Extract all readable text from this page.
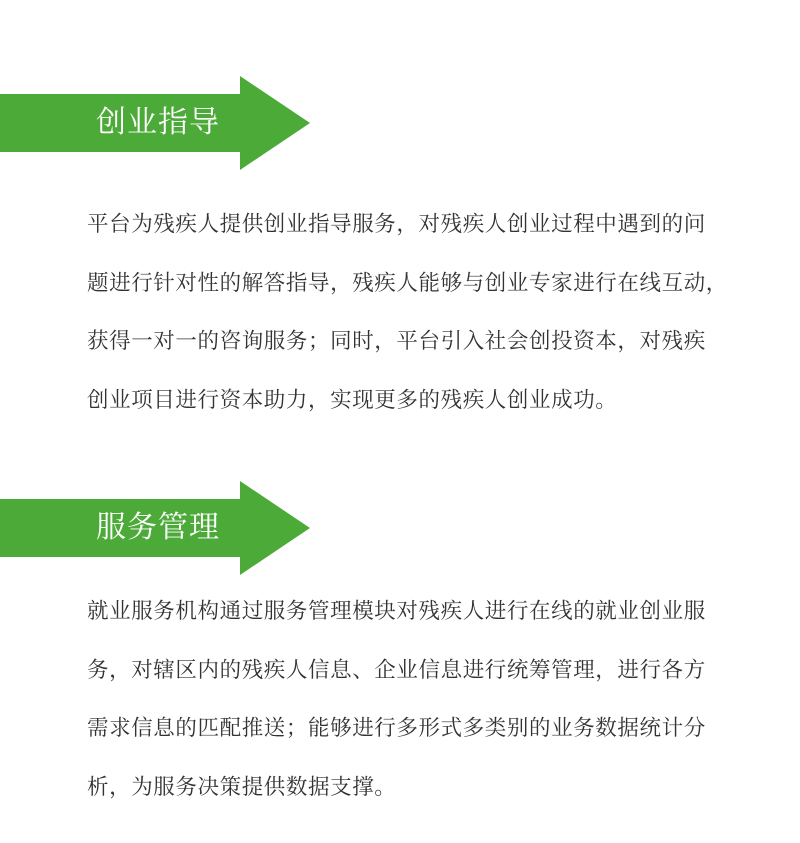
创业指导
平台为残疾人提供创业指导服务，对残疾人创业过程中遇到的问
题进行针对性的解答指导，残疾人能够与创业专家进行在线互动，
获得一对一的咨询服务；同时，平台引入社会创投资本，对残疾
创业项目进行资本助力，实现更多的残疾人创业成功。
服务管理
就业服务机构通过服务管理模块对残疾人进行在线的就业创业服
务，对辖区内的残疾人信息、企业信息进行统筹管理，进行各方
需求信息的匹配推送；能够进行多形式多类别的业务数据统计分
析，为服务决策提供数据支撑。
